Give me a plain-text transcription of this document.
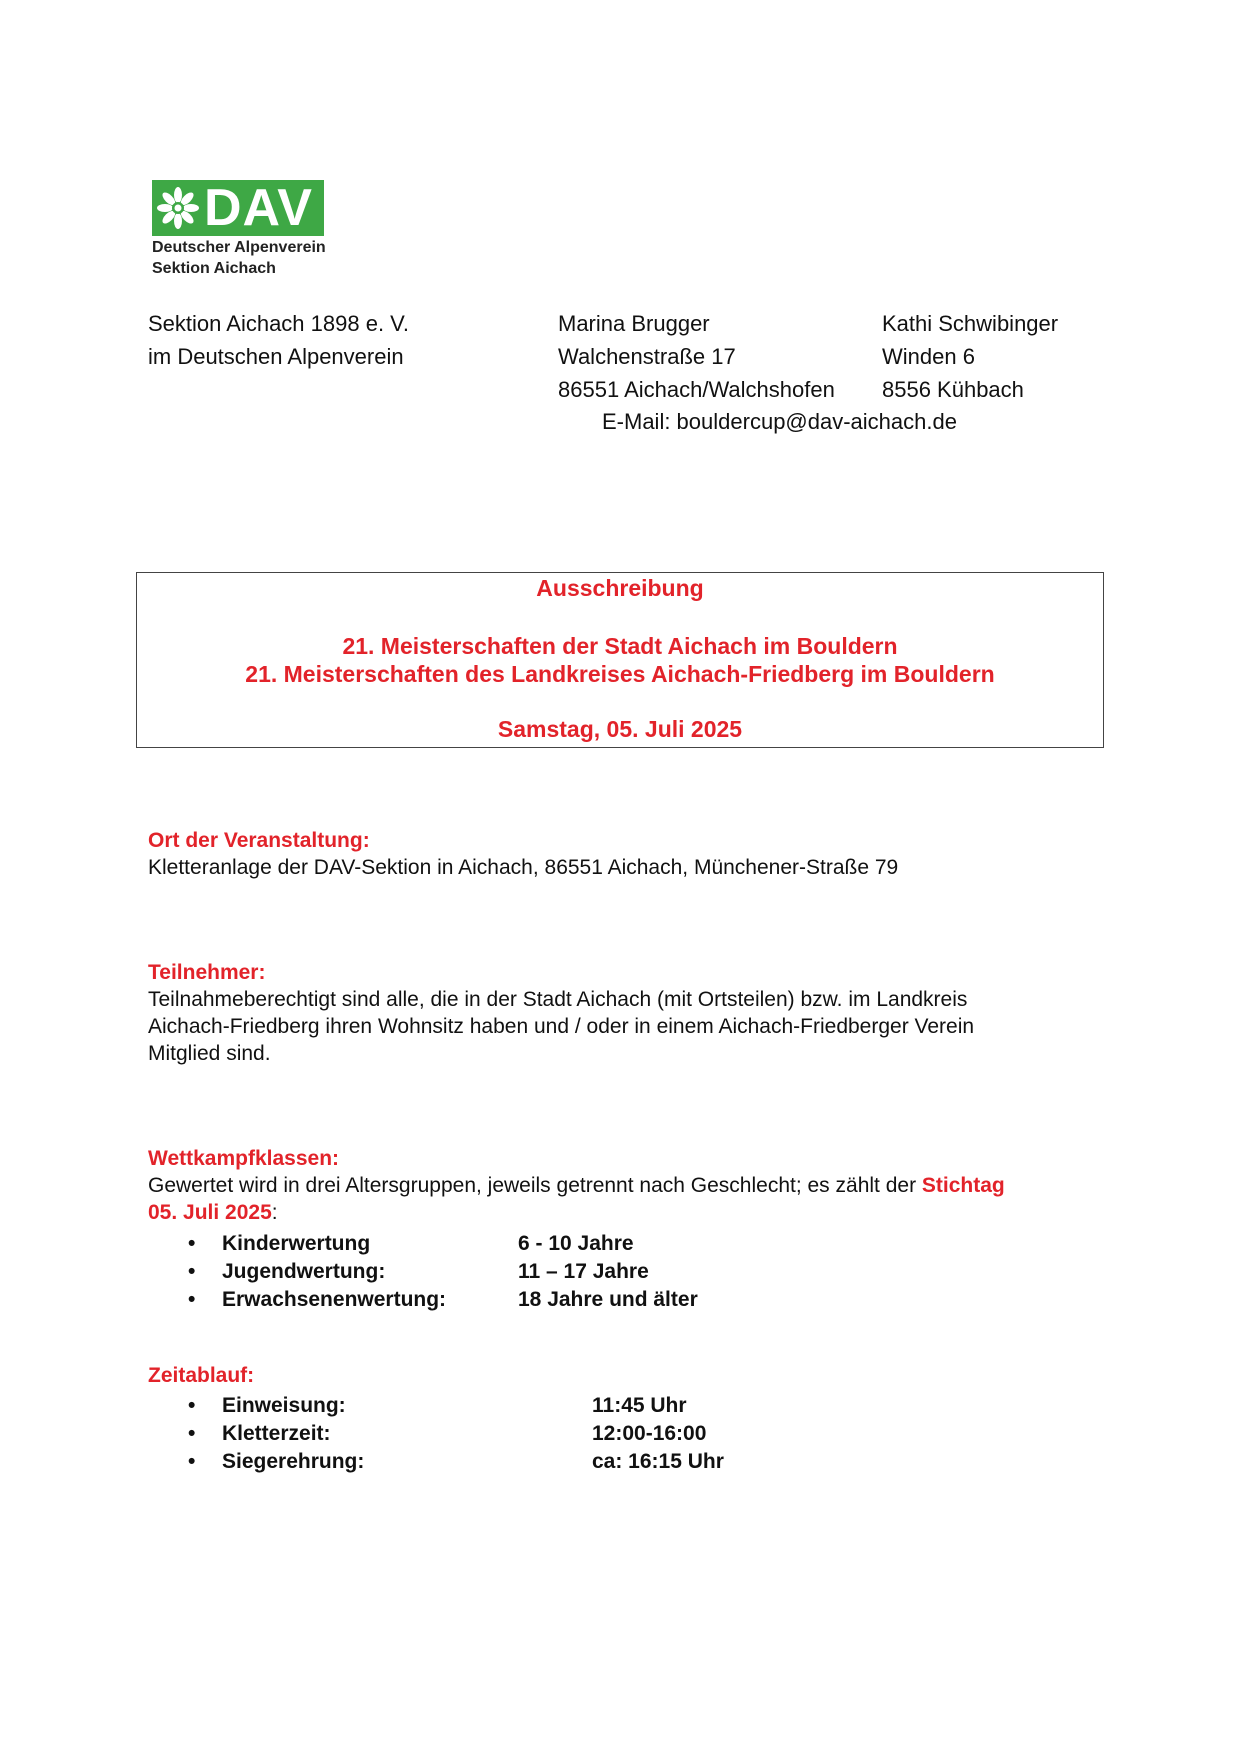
DAV
Deutscher Alpenverein
Sektion Aichach
Sektion Aichach 1898 e. V.
im Deutschen Alpenverein
Marina Brugger
Walchenstraße 17
86551 Aichach/Walchshofen
Kathi Schwibinger
Winden 6
8556 Kühbach
E-Mail: bouldercup@dav-aichach.de
Ausschreibung
21. Meisterschaften der Stadt Aichach im Bouldern
21. Meisterschaften des Landkreises Aichach-Friedberg im Bouldern
Samstag, 05. Juli 2025
Ort der Veranstaltung:
Kletteranlage der DAV-Sektion in Aichach, 86551 Aichach, Münchener-Straße 79
Teilnehmer:
Teilnahmeberechtigt sind alle, die in der Stadt Aichach (mit Ortsteilen) bzw. im Landkreis
Aichach-Friedberg ihren Wohnsitz haben und / oder in einem Aichach-Friedberger Verein
Mitglied sind.
Wettkampfklassen:
Gewertet wird in drei Altersgruppen, jeweils getrennt nach Geschlecht; es zählt der Stichtag
05. Juli 2025:
• Kinderwertung	6 - 10 Jahre
• Jugendwertung:	11 – 17 Jahre
• Erwachsenenwertung:	18 Jahre und älter
Zeitablauf:
• Einweisung:	11:45 Uhr
• Kletterzeit:	12:00-16:00
• Siegerehrung:	ca: 16:15 Uhr
